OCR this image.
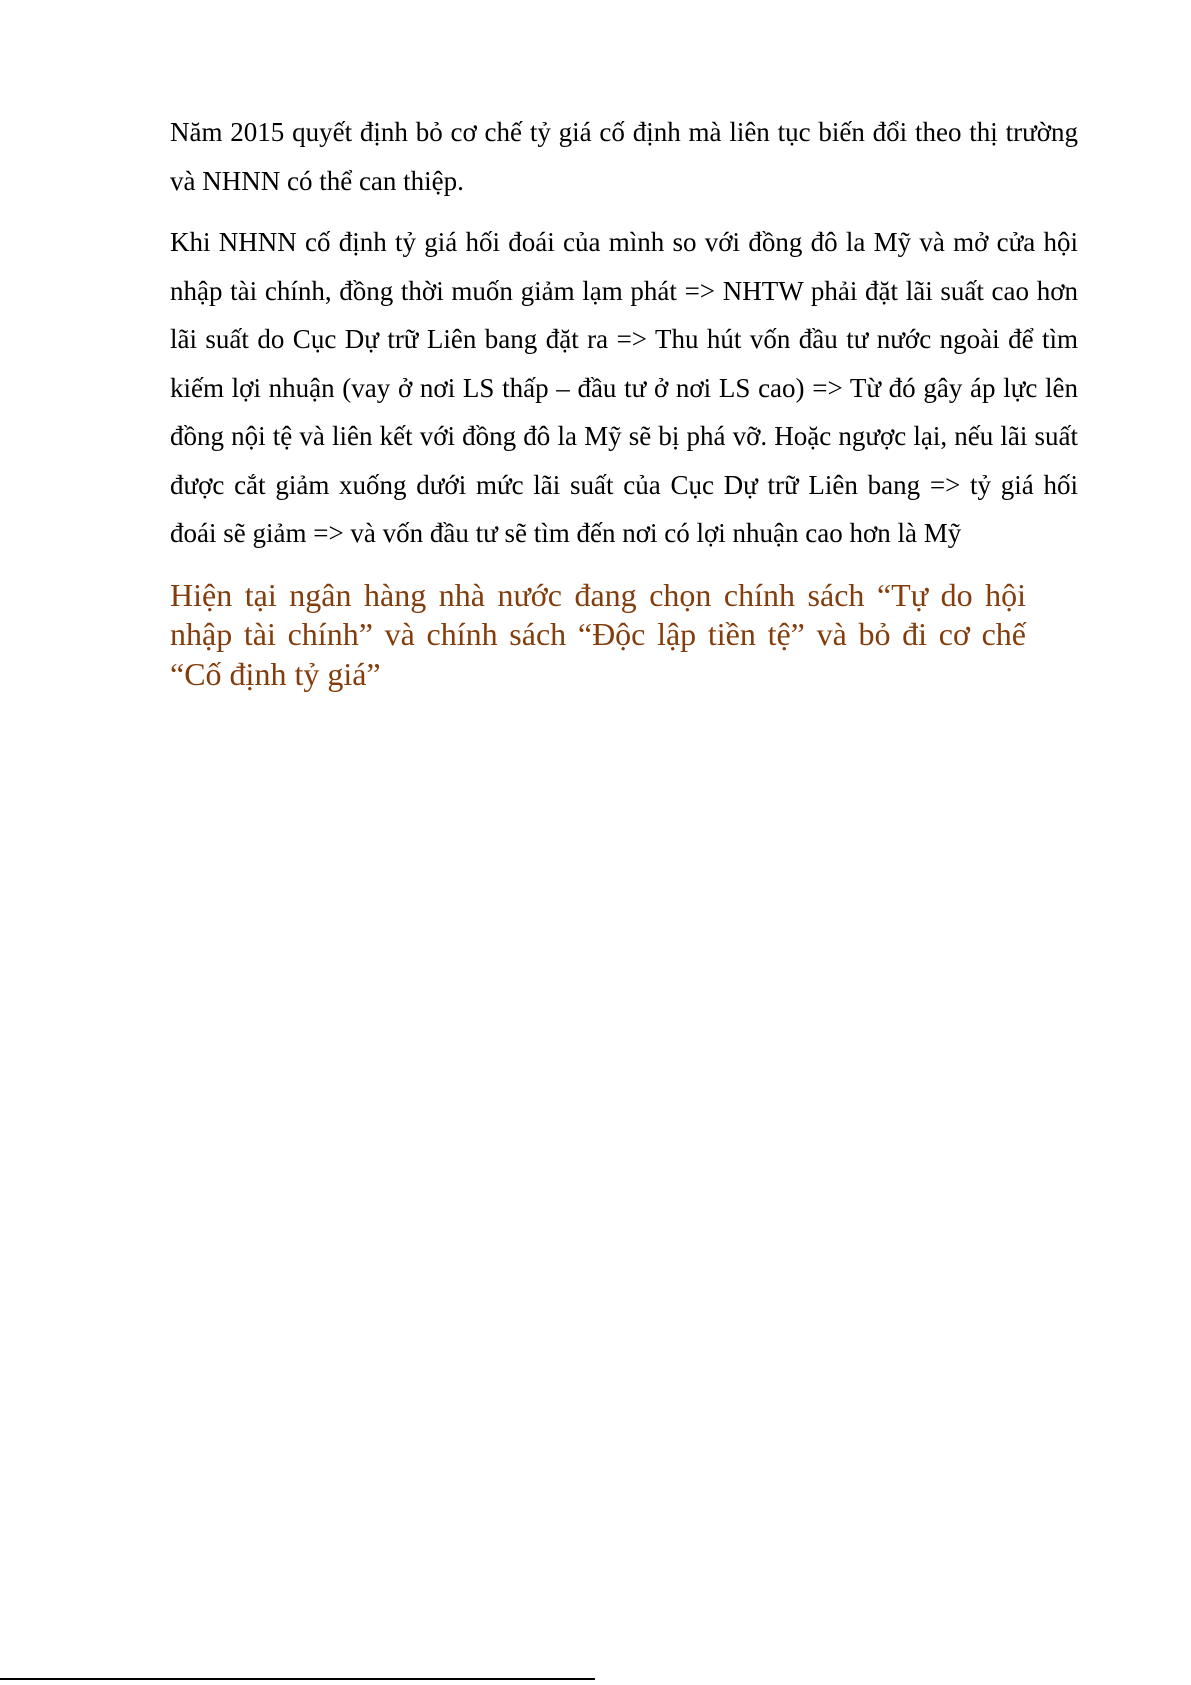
Năm 2015 quyết định bỏ cơ chế tỷ giá cố định mà liên tục biến đổi theo thị trường và NHNN có thể can thiệp.

Khi NHNN cố định tỷ giá hối đoái của mình so với đồng đô la Mỹ và mở cửa hội nhập tài chính, đồng thời muốn giảm lạm phát => NHTW phải đặt lãi suất cao hơn lãi suất do Cục Dự trữ Liên bang đặt ra => Thu hút vốn đầu tư nước ngoài để tìm kiếm lợi nhuận (vay ở nơi LS thấp – đầu tư ở nơi LS cao) => Từ đó gây áp lực lên đồng nội tệ và liên kết với đồng đô la Mỹ sẽ bị phá vỡ. Hoặc ngược lại, nếu lãi suất được cắt giảm xuống dưới mức lãi suất của Cục Dự trữ Liên bang => tỷ giá hối đoái sẽ giảm => và vốn đầu tư sẽ tìm đến nơi có lợi nhuận cao hơn là Mỹ

Hiện tại ngân hàng nhà nước đang chọn chính sách “Tự do hội nhập tài chính” và chính sách “Độc lập tiền tệ” và bỏ đi cơ chế “Cố định tỷ giá”
